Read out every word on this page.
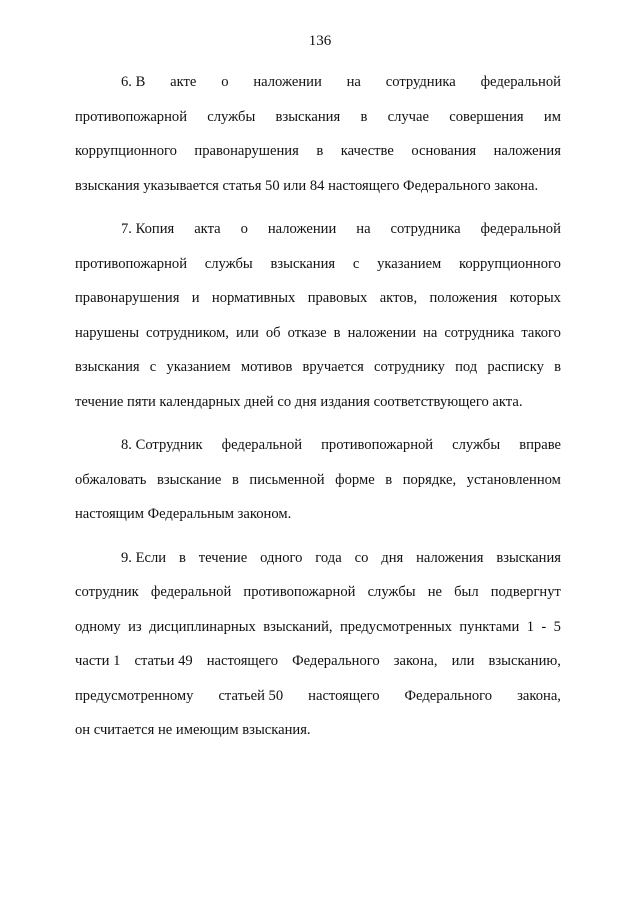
136
6. В акте о наложении на сотрудника федеральной
противопожарной службы взыскания в случае совершения им
коррупционного правонарушения в качестве основания наложения
взыскания указывается статья 50 или 84 настоящего Федерального закона.
7. Копия акта о наложении на сотрудника федеральной
противопожарной службы взыскания с указанием коррупционного
правонарушения и нормативных правовых актов, положения которых
нарушены сотрудником, или об отказе в наложении на сотрудника такого
взыскания с указанием мотивов вручается сотруднику под расписку в
течение пяти календарных дней со дня издания соответствующего акта.
8. Сотрудник федеральной противопожарной службы вправе
обжаловать взыскание в письменной форме в порядке, установленном
настоящим Федеральным законом.
9. Если в течение одного года со дня наложения взыскания
сотрудник федеральной противопожарной службы не был подвергнут
одному из дисциплинарных взысканий, предусмотренных пунктами 1 - 5
части 1 статьи 49 настоящего Федерального закона, или взысканию,
предусмотренному статьей 50 настоящего Федерального закона,
он считается не имеющим взыскания.
